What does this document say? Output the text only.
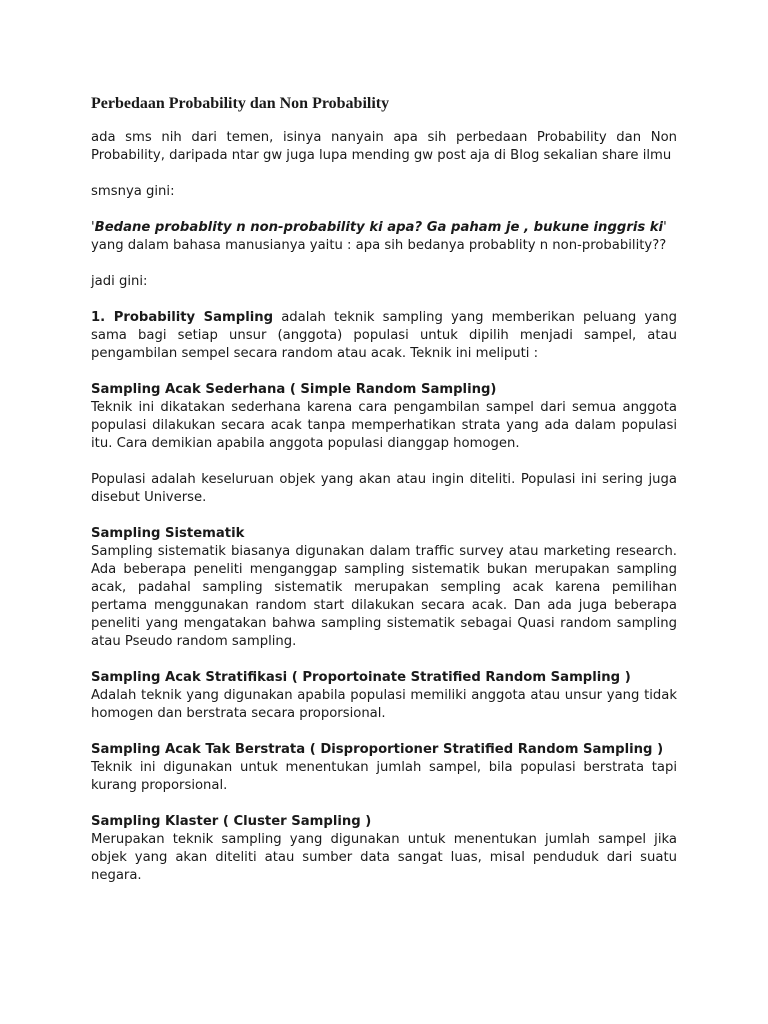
Perbedaan Probability dan Non Probability

ada sms nih dari temen, isinya nanyain apa sih perbedaan Probability dan Non Probability, daripada ntar gw juga lupa mending gw post aja di Blog sekalian share ilmu

smsnya gini:

'Bedane probablity n non-probability ki apa? Ga paham je , bukune inggris ki' yang dalam bahasa manusianya yaitu : apa sih bedanya probablity n non-probability??

jadi gini:

1. Probability Sampling adalah teknik sampling yang memberikan peluang yang sama bagi setiap unsur (anggota) populasi untuk dipilih menjadi sampel, atau pengambilan sempel secara random atau acak. Teknik ini meliputi :

Sampling Acak Sederhana ( Simple Random Sampling)

Teknik ini dikatakan sederhana karena cara pengambilan sampel dari semua anggota populasi dilakukan secara acak tanpa memperhatikan strata yang ada dalam populasi itu. Cara demikian apabila anggota populasi dianggap homogen.

Populasi adalah keseluruan objek yang akan atau ingin diteliti. Populasi ini sering juga disebut Universe.

Sampling Sistematik

Sampling sistematik biasanya digunakan dalam traffic survey atau marketing research. Ada beberapa peneliti menganggap sampling sistematik bukan merupakan sampling acak, padahal sampling sistematik merupakan sempling acak karena pemilihan pertama menggunakan random start dilakukan secara acak. Dan ada juga beberapa peneliti yang mengatakan bahwa sampling sistematik sebagai Quasi random sampling atau Pseudo random sampling.

Sampling Acak Stratifikasi ( Proportoinate Stratified Random Sampling )

Adalah teknik yang digunakan apabila populasi memiliki anggota atau unsur yang tidak homogen dan berstrata secara proporsional.

Sampling Acak Tak Berstrata ( Disproportioner Stratified Random Sampling )

Teknik ini digunakan untuk menentukan jumlah sampel, bila populasi berstrata tapi kurang proporsional.

Sampling Klaster ( Cluster Sampling )

Merupakan teknik sampling yang digunakan untuk menentukan jumlah sampel jika objek yang akan diteliti atau sumber data sangat luas, misal penduduk dari suatu negara.
